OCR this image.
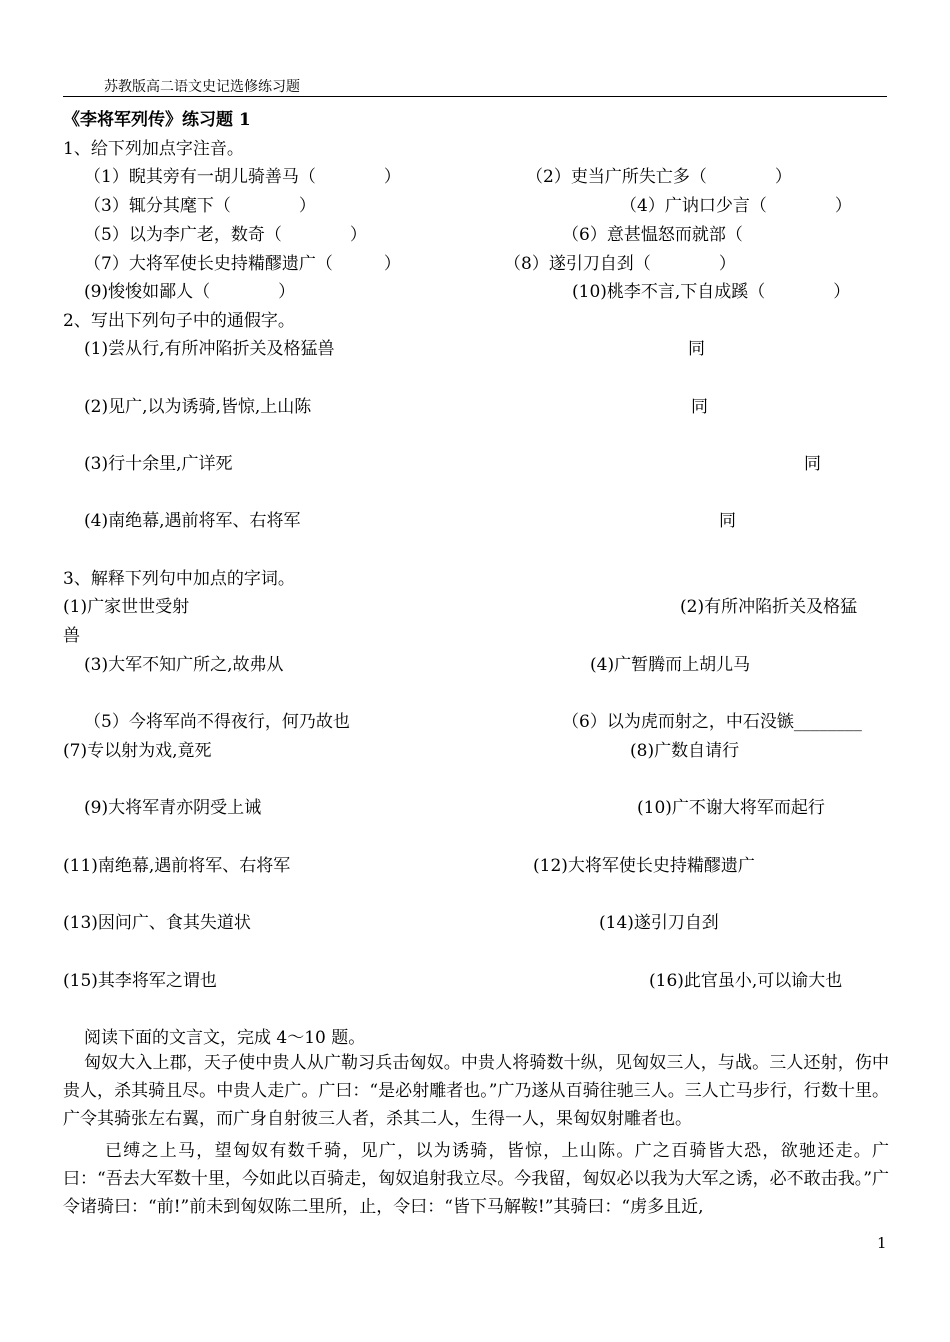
苏教版高二语文史记选修练习题
《李将军列传》练习题 1
1、给下列加点字注音。
（1）睨其旁有一胡儿骑善马（　　　　）	（2）吏当广所失亡多（　　　　）
（3）辄分其麾下（　　　　）	（4）广讷口少言（　　　　）
（5）以为李广老，数奇（　　　　）	（6）意甚愠怒而就部（
（7）大将军使长史持糒醪遗广（　　　）	（8）遂引刀自刭（　　　　）
(9)悛悛如鄙人（　　　　）	(10)桃李不言,下自成蹊（　　　　）
2、写出下列句子中的通假字。
(1)尝从行,有所冲陷折关及格猛兽	同
(2)见广,以为诱骑,皆惊,上山陈	同
(3)行十余里,广详死	同
(4)南绝幕,遇前将军、右将军	同
3、解释下列句中加点的字词。
(1)广家世世受射	(2)有所冲陷折关及格猛
兽
(3)大军不知广所之,故弗从	(4)广暂腾而上胡儿马
（5）今将军尚不得夜行，何乃故也	（6）以为虎而射之，中石没镞________
(7)专以射为戏,竟死	(8)广数自请行
(9)大将军青亦阴受上诫	(10)广不谢大将军而起行
(11)南绝幕,遇前将军、右将军	(12)大将军使长史持糒醪遗广
(13)因问广、食其失道状	(14)遂引刀自刭
(15)其李将军之谓也	(16)此官虽小,可以谕大也
阅读下面的文言文，完成 4～10 题。
匈奴大入上郡，天子使中贵人从广勒习兵击匈奴。中贵人将骑数十纵，见匈奴三人，与战。三人还射，伤中贵人，杀其骑且尽。中贵人走广。广曰：“是必射雕者也。”广乃遂从百骑往驰三人。三人亡马步行，行数十里。广令其骑张左右翼，而广身自射彼三人者，杀其二人，生得一人，果匈奴射雕者也。
已缚之上马，望匈奴有数千骑，见广，以为诱骑，皆惊，上山陈。广之百骑皆大恐，欲驰还走。广曰：“吾去大军数十里，今如此以百骑走，匈奴追射我立尽。今我留，匈奴必以我为大军之诱，必不敢击我。”广令诸骑曰：“前!”前未到匈奴陈二里所，止，令曰：“皆下马解鞍!”其骑曰：“虏多且近,
1
